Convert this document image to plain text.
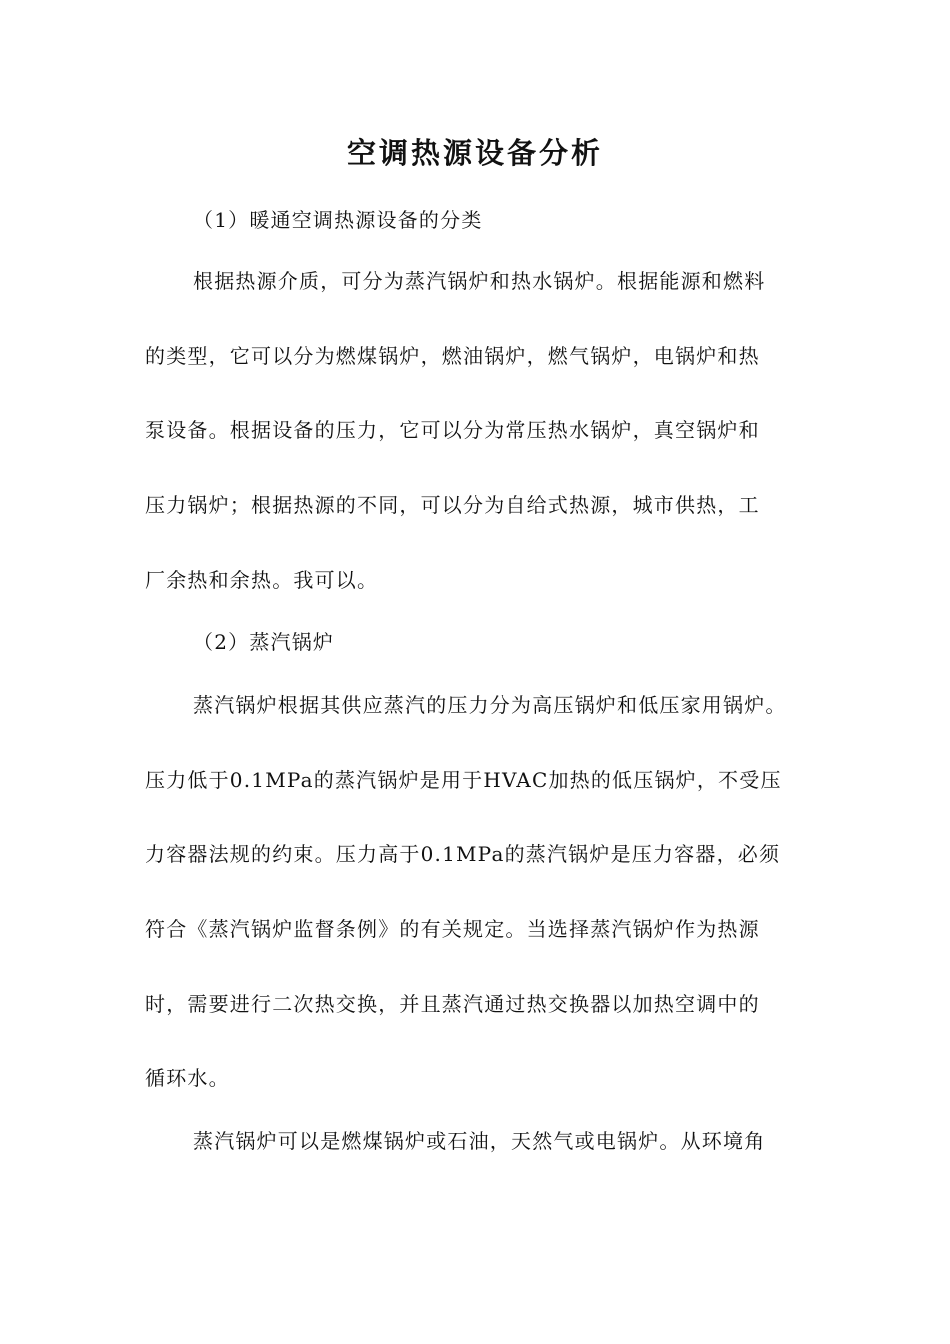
空调热源设备分析
（1）暖通空调热源设备的分类
根据热源介质，可分为蒸汽锅炉和热水锅炉。根据能源和燃料
的类型，它可以分为燃煤锅炉，燃油锅炉，燃气锅炉，电锅炉和热
泵设备。根据设备的压力，它可以分为常压热水锅炉，真空锅炉和
压力锅炉；根据热源的不同，可以分为自给式热源，城市供热，工
厂余热和余热。我可以。
（2）蒸汽锅炉
蒸汽锅炉根据其供应蒸汽的压力分为高压锅炉和低压家用锅炉。
压力低于0.1MPa的蒸汽锅炉是用于HVAC加热的低压锅炉，不受压
力容器法规的约束。压力高于0.1MPa的蒸汽锅炉是压力容器，必须
符合《蒸汽锅炉监督条例》的有关规定。当选择蒸汽锅炉作为热源
时，需要进行二次热交换，并且蒸汽通过热交换器以加热空调中的
循环水。
蒸汽锅炉可以是燃煤锅炉或石油，天然气或电锅炉。从环境角
